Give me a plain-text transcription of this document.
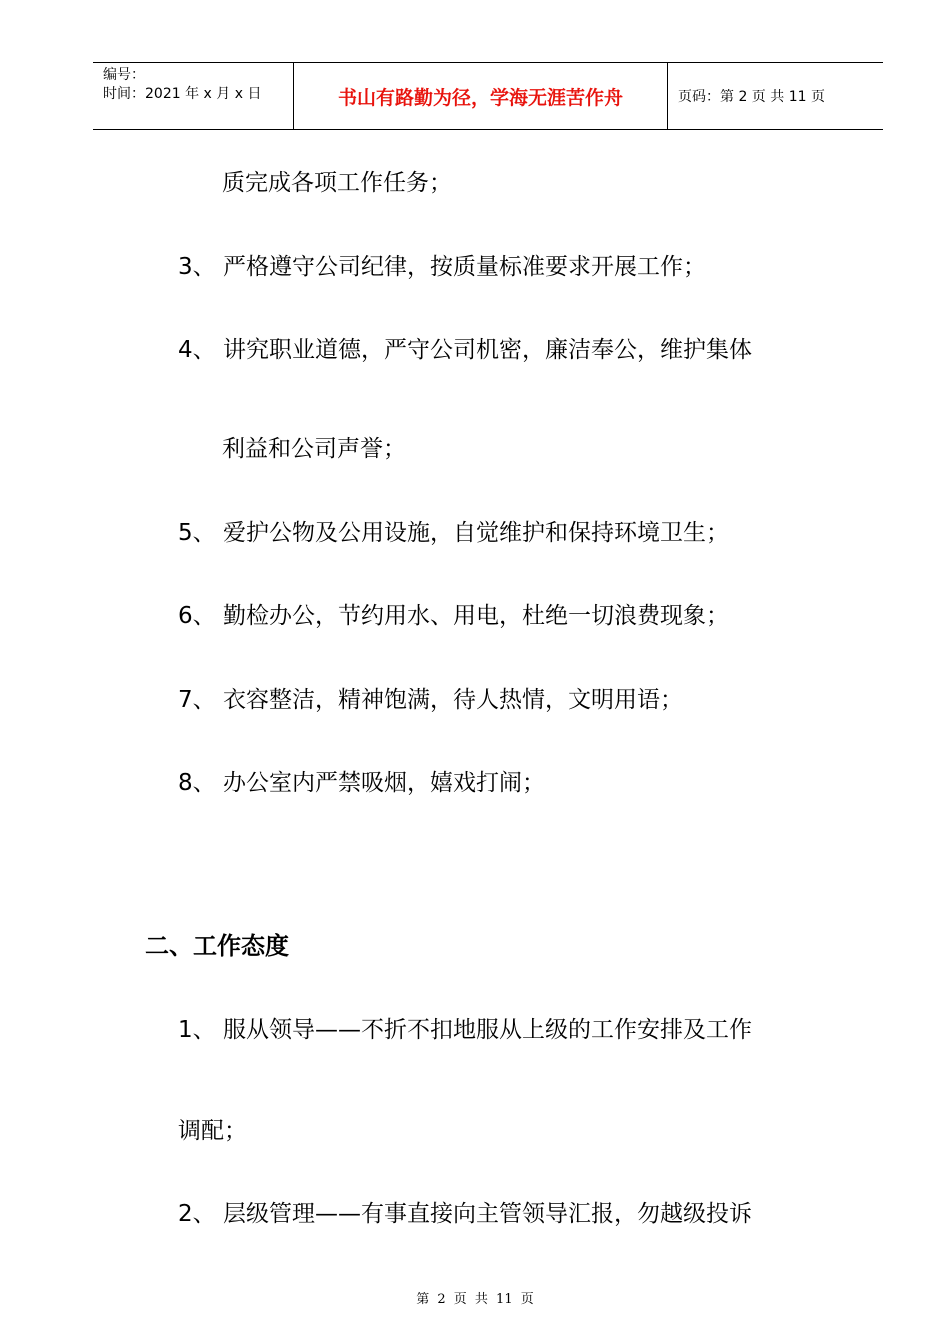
编号：
时间：2021 年 x 月 x 日	书山有路勤为径，学海无涯苦作舟	页码：第 2 页 共 11 页
质完成各项工作任务；
3、 严格遵守公司纪律，按质量标准要求开展工作；
4、 讲究职业道德，严守公司机密，廉洁奉公，维护集体
利益和公司声誉；
5、 爱护公物及公用设施，自觉维护和保持环境卫生；
6、 勤检办公，节约用水、用电，杜绝一切浪费现象；
7、 衣容整洁，精神饱满，待人热情，文明用语；
8、 办公室内严禁吸烟，嬉戏打闹；
二、工作态度
1、 服从领导——不折不扣地服从上级的工作安排及工作
调配；
2、 层级管理——有事直接向主管领导汇报，勿越级投诉
第 2 页 共 11 页
